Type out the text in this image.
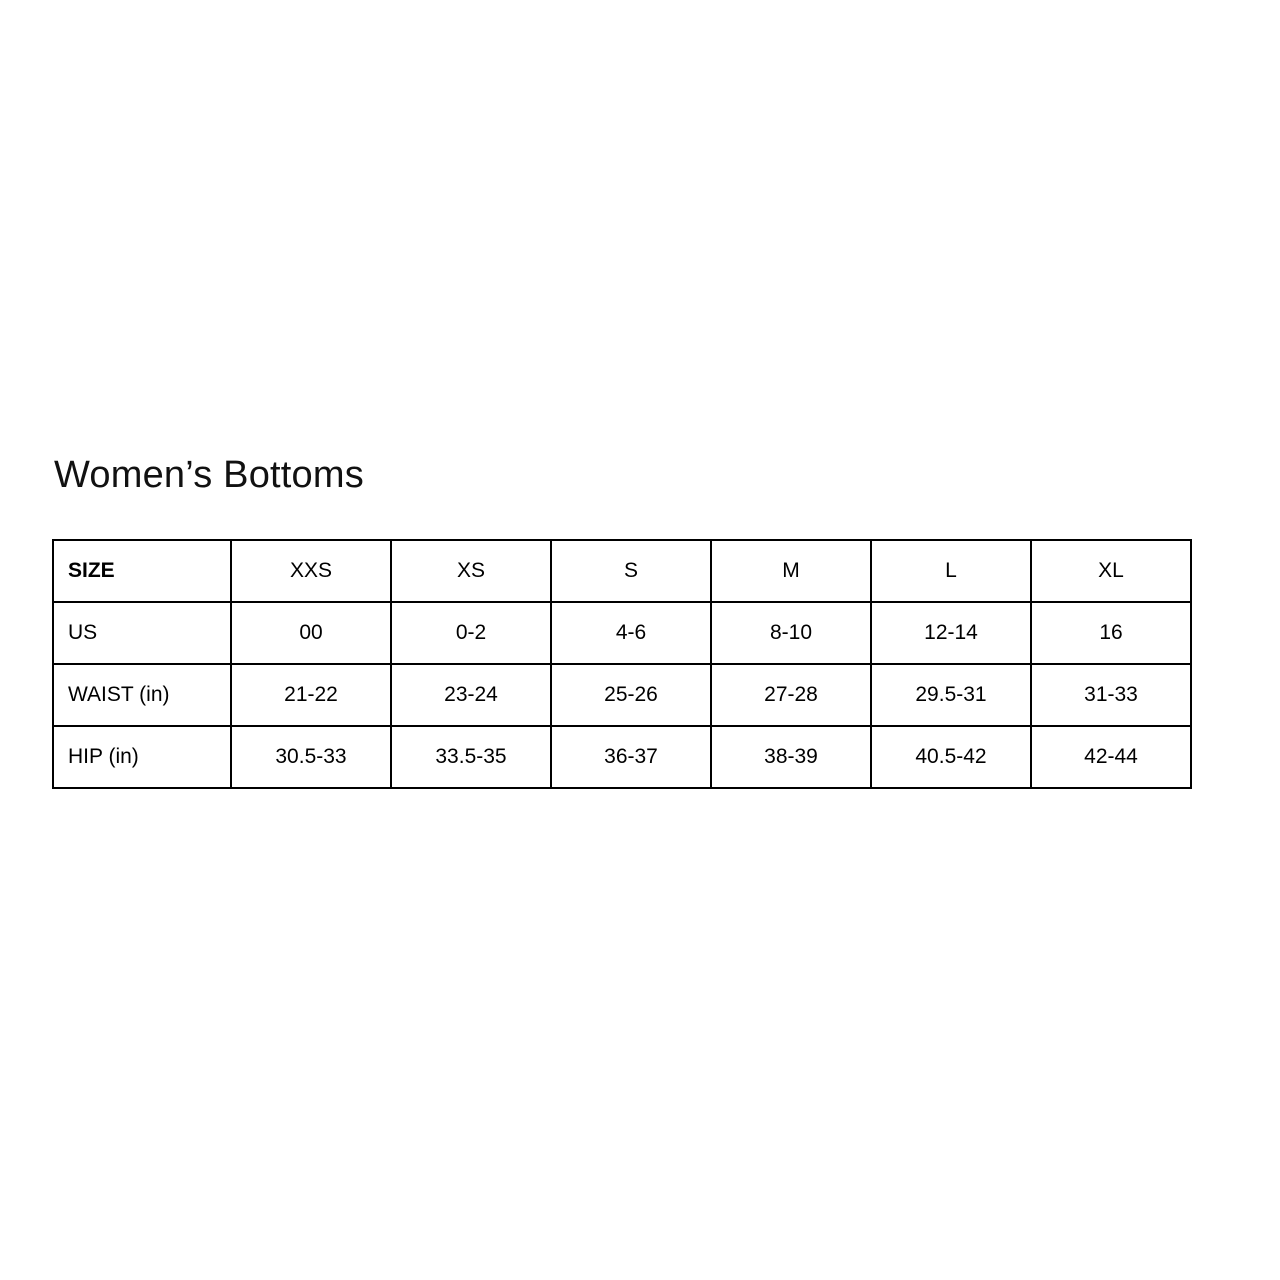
Women’s Bottoms
SIZE	XXS	XS	S	M	L	XL
US	00	0-2	4-6	8-10	12-14	16
WAIST (in)	21-22	23-24	25-26	27-28	29.5-31	31-33
HIP (in)	30.5-33	33.5-35	36-37	38-39	40.5-42	42-44
